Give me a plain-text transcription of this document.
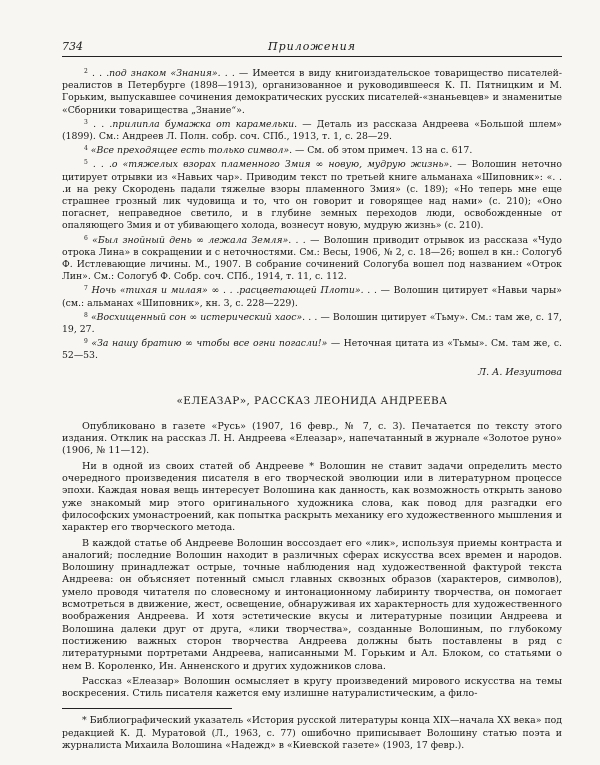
734	Приложения

$^2$ . . .под знаком «Знания». . . — Имеется в виду книгоиздательское товарищество писателей-реалистов в Петербурге (1898—1913), организованное и руководившееся К. П. Пятницким и М. Горьким, выпускавшее сочинения демократических русских писателей-«знаньевцев» и знаменитые «Сборники товарищества „Знание“».

$^3$ . . .прилипла бумажка от карамельки. — Деталь из рассказа Андреева «Большой шлем» (1899). См.: Андреев Л. Полн. собр. соч. СПб., 1913, т. 1, с. 28—29.

$^4$ «Все преходящее есть только символ». — См. об этом примеч. 13 на с. 617.

$^5$ . . .о «тяжелых взорах пламенного Змия ∞ новую, мудрую жизнь». — Волошин неточно цитирует отрывки из «Навьих чар». Приводим текст по третьей книге альманаха «Шиповник»: «. . .и на реку Скородень падали тяжелые взоры пламенного Змия» (с. 189); «Но теперь мне еще страшнее грозный лик чудовища и то, что он говорит и говорящее над нами» (с. 210); «Оно погаснет, неправедное светило, и в глубине земных переходов люди, освобожденные от опаляющего Змия и от убивающего холода, вознесут новую, мудрую жизнь» (с. 210).

$^6$ «Был знойный день ∞ лежала Земля». . . — Волошин приводит отрывок из рассказа «Чудо отрока Лина» в сокращении и с неточностями. См.: Весы, 1906, № 2, с. 18—26; вошел в кн.: Сологуб Ф. Истлевающие личины. М., 1907. В собрание сочинений Сологуба вошел под названием «Отрок Лин». См.: Сологуб Ф. Собр. соч. СПб., 1914, т. 11, с. 112.

$^7$ Ночь «тихая и милая» ∞ . . .расцветающей Плоти». . . — Волошин цитирует «Навьи чары» (см.: альманах «Шиповник», кн. 3, с. 228—229).

$^8$ «Восхищенный сон ∞ истерический хаос». . . — Волошин цитирует «Тьму». См.: там же, с. 17, 19, 27.

$^9$ «За нашу братию ∞ чтобы все огни погасли!» — Неточная цитата из «Тьмы». См. там же, с. 52—53.

Л. А. Иезуитова
«ЕЛЕАЗАР», РАССКАЗ ЛЕОНИДА АНДРЕЕВА

Опубликовано в газете «Русь» (1907, 16 февр., № 7, с. 3). Печатается по тексту этого издания. Отклик на рассказ Л. Н. Андреева «Елеазар», напечатанный в журнале «Золотое руно» (1906, № 11—12).

Ни в одной из своих статей об Андрееве * Волошин не ставит задачи определить место очередного произведения писателя в его творческой эволюции или в литературном процессе эпохи. Каждая новая вещь интересует Волошина как данность, как возможность открыть заново уже знакомый мир этого оригинального художника слова, как повод для разгадки его философских умонастроений, как попытка раскрыть механику его художественного мышления и характер его творческого метода.

В каждой статье об Андрееве Волошин воссоздает его «лик», используя приемы контраста и аналогий; последние Волошин находит в различных сферах искусства всех времен и народов. Волошину принадлежат острые, точные наблюдения над художественной фактурой текста Андреева: он объясняет потенный смысл главных сквозных образов (характеров, символов), умело проводя читателя по словесному и интонационному лабиринту творчества, он помогает всмотреться в движение, жест, освещение, обнаруживая их характерность для художественного воображения Андреева. И хотя эстетические вкусы и литературные позиции Андреева и Волошина далеки друг от друга, «лики творчества», созданные Волошиным, по глубокому постижению важных сторон творчества Андреева должны быть поставлены в ряд с литературными портретами Андреева, написанными М. Горьким и Ал. Блоком, со статьями о нем В. Короленко, Ин. Анненского и других художников слова.

Рассказ «Елеазар» Волошин осмысляет в кругу произведений мирового искусства на темы воскресения. Стиль писателя кажется ему излишне натуралистическим, а фило-

* Библиографический указатель «История русской литературы конца XIX—начала XX века» под редакцией К. Д. Муратовой (Л., 1963, с. 77) ошибочно приписывает Волошину статью поэта и журналиста Михаила Волошина «Надежд» в «Киевской газете» (1903, 17 февр.).
